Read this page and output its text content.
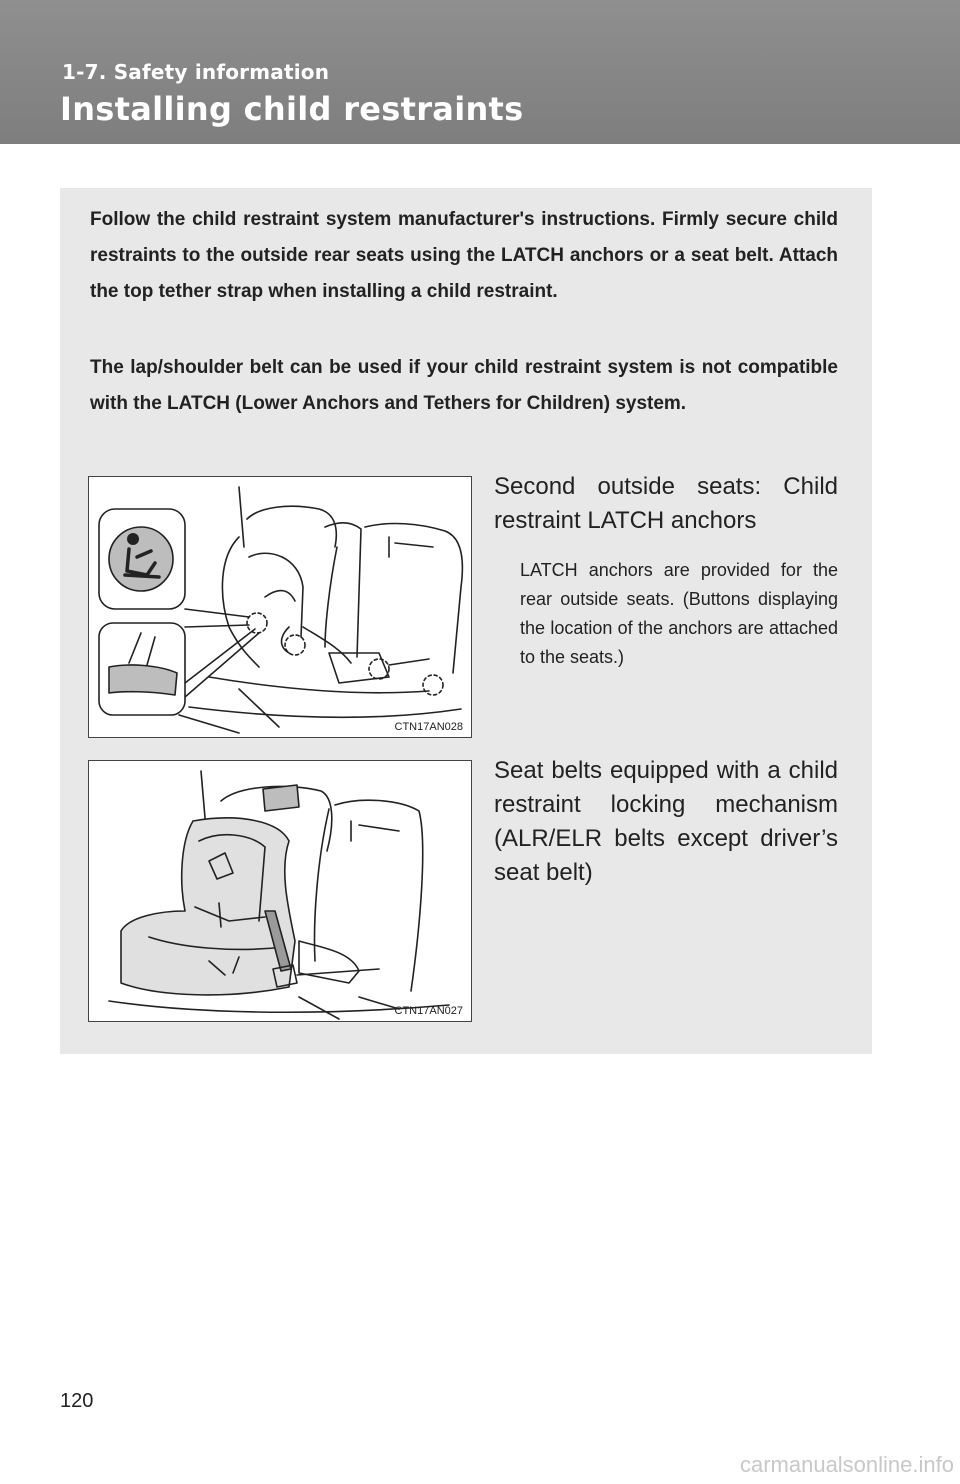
1-7. Safety information
Installing child restraints

Follow the child restraint system manufacturer's instructions. Firmly secure child restraints to the outside rear seats using the LATCH anchors or a seat belt. Attach the top tether strap when installing a child restraint.

The lap/shoulder belt can be used if your child restraint system is not compatible with the LATCH (Lower Anchors and Tethers for Children) system.

CTN17AN028
CTN17AN027

Second outside seats: Child restraint LATCH anchors

LATCH anchors are provided for the rear outside seats. (Buttons displaying the location of the anchors are attached to the seats.)

Seat belts equipped with a child restraint locking mechanism (ALR/ELR belts except driver’s seat belt)

120
carmanualsonline.info
